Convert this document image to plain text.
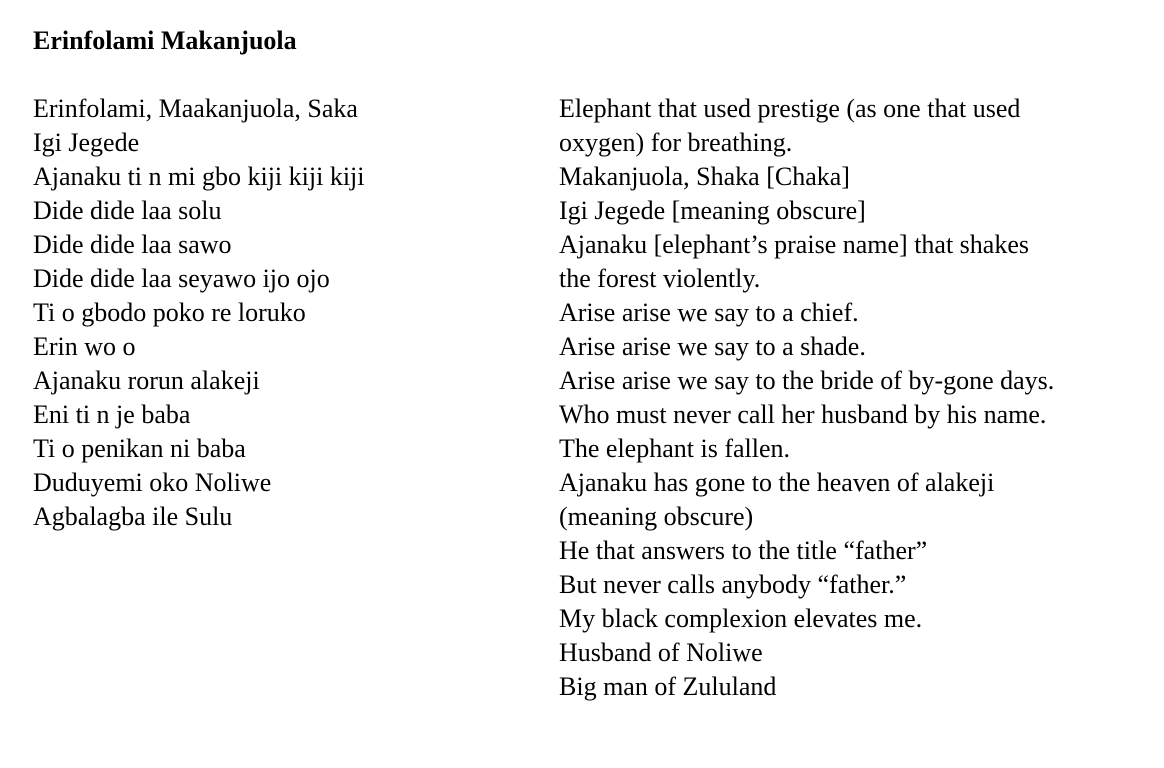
Erinfolami Makanjuola
Erinfolami, Maakanjuola, Saka
Igi Jegede
Ajanaku ti n mi gbo kiji kiji kiji
Dide dide laa solu
Dide dide laa sawo
Dide dide laa seyawo ijo ojo
Ti o gbodo poko re loruko
Erin wo o
Ajanaku rorun alakeji
Eni ti n je baba
Ti o penikan ni baba
Duduyemi oko Noliwe
Agbalagba ile Sulu
Elephant that used prestige (as one that used
oxygen) for breathing.
Makanjuola, Shaka [Chaka]
Igi Jegede [meaning obscure]
Ajanaku [elephant’s praise name] that shakes
the forest violently.
Arise arise we say to a chief.
Arise arise we say to a shade.
Arise arise we say to the bride of by-gone days.
Who must never call her husband by his name.
The elephant is fallen.
Ajanaku has gone to the heaven of alakeji
(meaning obscure)
He that answers to the title “father”
But never calls anybody “father.”
My black complexion elevates me.
Husband of Noliwe
Big man of Zululand
